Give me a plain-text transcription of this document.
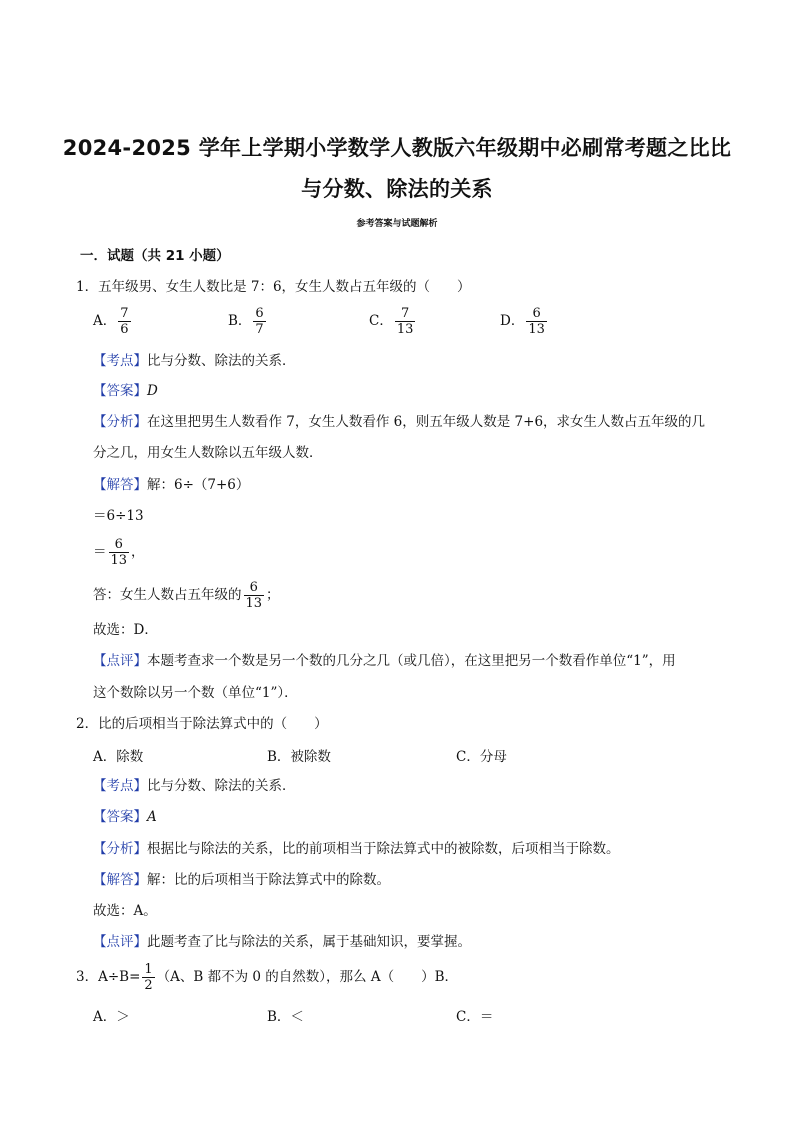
2024-2025 学年上学期小学数学人教版六年级期中必刷常考题之比比与分数、除法的关系
参考答案与试题解析
一．试题（共 21 小题）
1．五年级男、女生人数比是 7：6，女生人数占五年级的（　　）
A． $\frac{7}{6}$	B． $\frac{6}{7}$	C． $\frac{7}{13}$	D． $\frac{6}{13}$
【考点】比与分数、除法的关系．
【答案】D
【分析】在这里把男生人数看作 7，女生人数看作 6，则五年级人数是 7+6，求女生人数占五年级的几
分之几，用女生人数除以五年级人数．
【解答】解：6÷（7+6）
＝6÷13
＝ $\frac{6}{13}$ ，
答：女生人数占五年级的 $\frac{6}{13}$ ；
故选：D．
【点评】本题考查求一个数是另一个数的几分之几（或几倍），在这里把另一个数看作单位“1”，用
这个数除以另一个数（单位“1”）．
2．比的后项相当于除法算式中的（　　）
A．除数	B．被除数	C．分母
【考点】比与分数、除法的关系．
【答案】A
【分析】根据比与除法的关系，比的前项相当于除法算式中的被除数，后项相当于除数。
【解答】解：比的后项相当于除法算式中的除数。
故选：A。
【点评】此题考查了比与除法的关系，属于基础知识，要掌握。
3．$A\div B= \frac{1}{2} (A$、B 都不为 0 的自然数），那么 A（　　）B．
A．＞	B．＜	C．＝
